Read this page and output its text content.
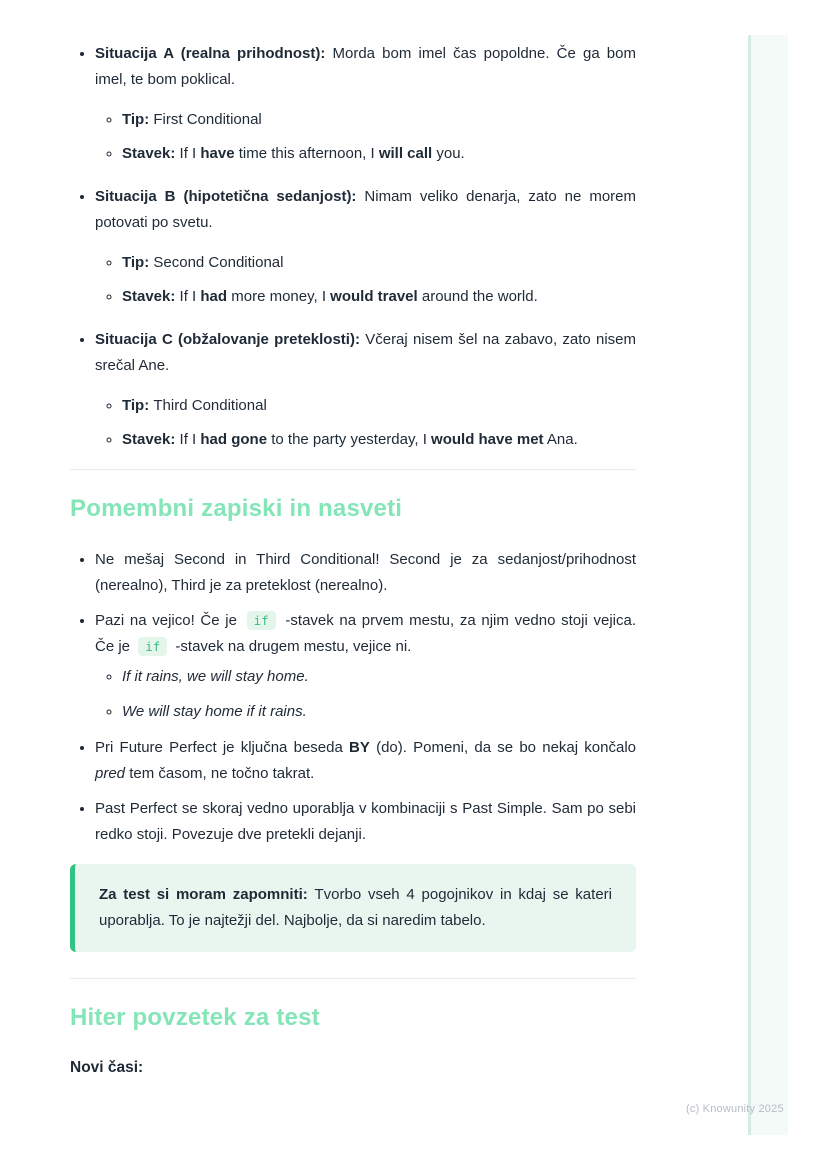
• Situacija A (realna prihodnost): Morda bom imel čas popoldne. Če ga bom imel, te bom poklical.
◦ Tip: First Conditional
◦ Stavek: If I have time this afternoon, I will call you.
• Situacija B (hipotetična sedanjost): Nimam veliko denarja, zato ne morem potovati po svetu.
◦ Tip: Second Conditional
◦ Stavek: If I had more money, I would travel around the world.
• Situacija C (obžalovanje preteklosti): Včeraj nisem šel na zabavo, zato nisem srečal Ane.
◦ Tip: Third Conditional
◦ Stavek: If I had gone to the party yesterday, I would have met Ana.
Pomembni zapiski in nasveti
• Ne mešaj Second in Third Conditional! Second je za sedanjost/prihodnost (nerealno), Third je za preteklost (nerealno).
• Pazi na vejico! Če je if -stavek na prvem mestu, za njim vedno stoji vejica. Če je if -stavek na drugem mestu, vejice ni.
◦ If it rains, we will stay home.
◦ We will stay home if it rains.
• Pri Future Perfect je ključna beseda BY (do). Pomeni, da se bo nekaj končalo pred tem časom, ne točno takrat.
• Past Perfect se skoraj vedno uporablja v kombinaciji s Past Simple. Sam po sebi redko stoji. Povezuje dve pretekli dejanji.

Za test si moram zapomniti: Tvorbo vseh 4 pogojnikov in kdaj se kateri uporablja. To je najtežji del. Najbolje, da si naredim tabelo.

Hiter povzetek za test

Novi časi:

(c) Knowunity 2025
